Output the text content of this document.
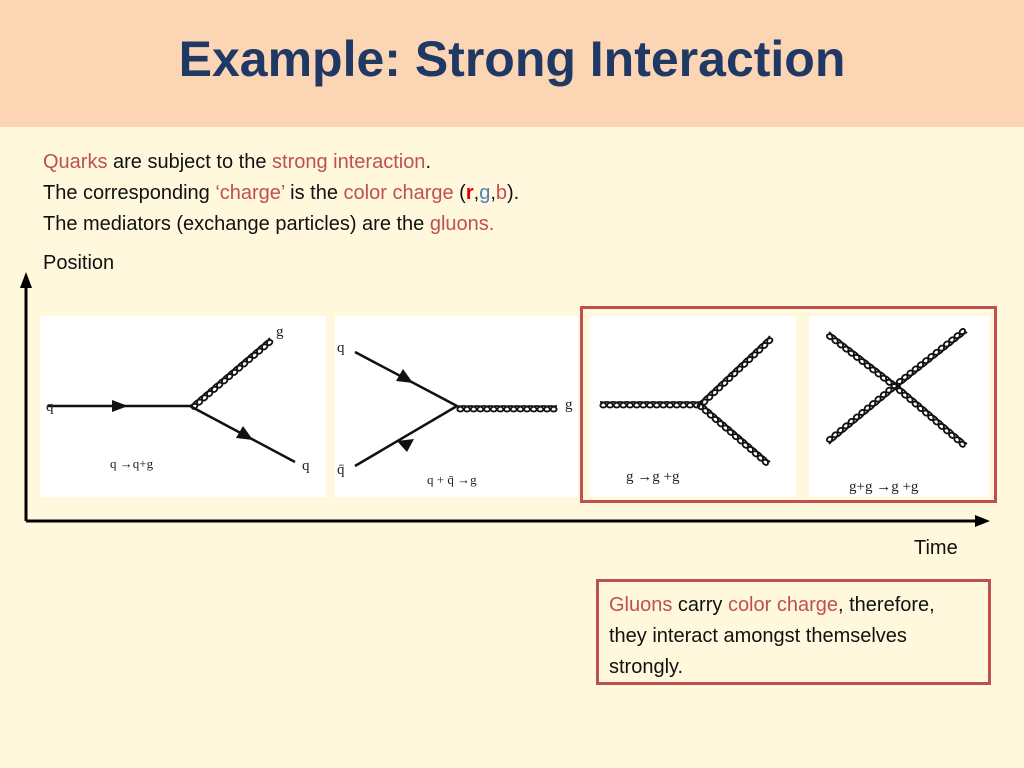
Example: Strong Interaction
Quarks are subject to the strong interaction.
The corresponding ‘charge’ is the color charge (r,g,b).
The mediators (exchange particles) are the gluons.
Position
Time
q
g
q
q →q+g
q
q̄
g
q + q̄ →g	g →g +g
g+g →g +g
Gluons carry color charge, therefore, they interact amongst themselves strongly.
